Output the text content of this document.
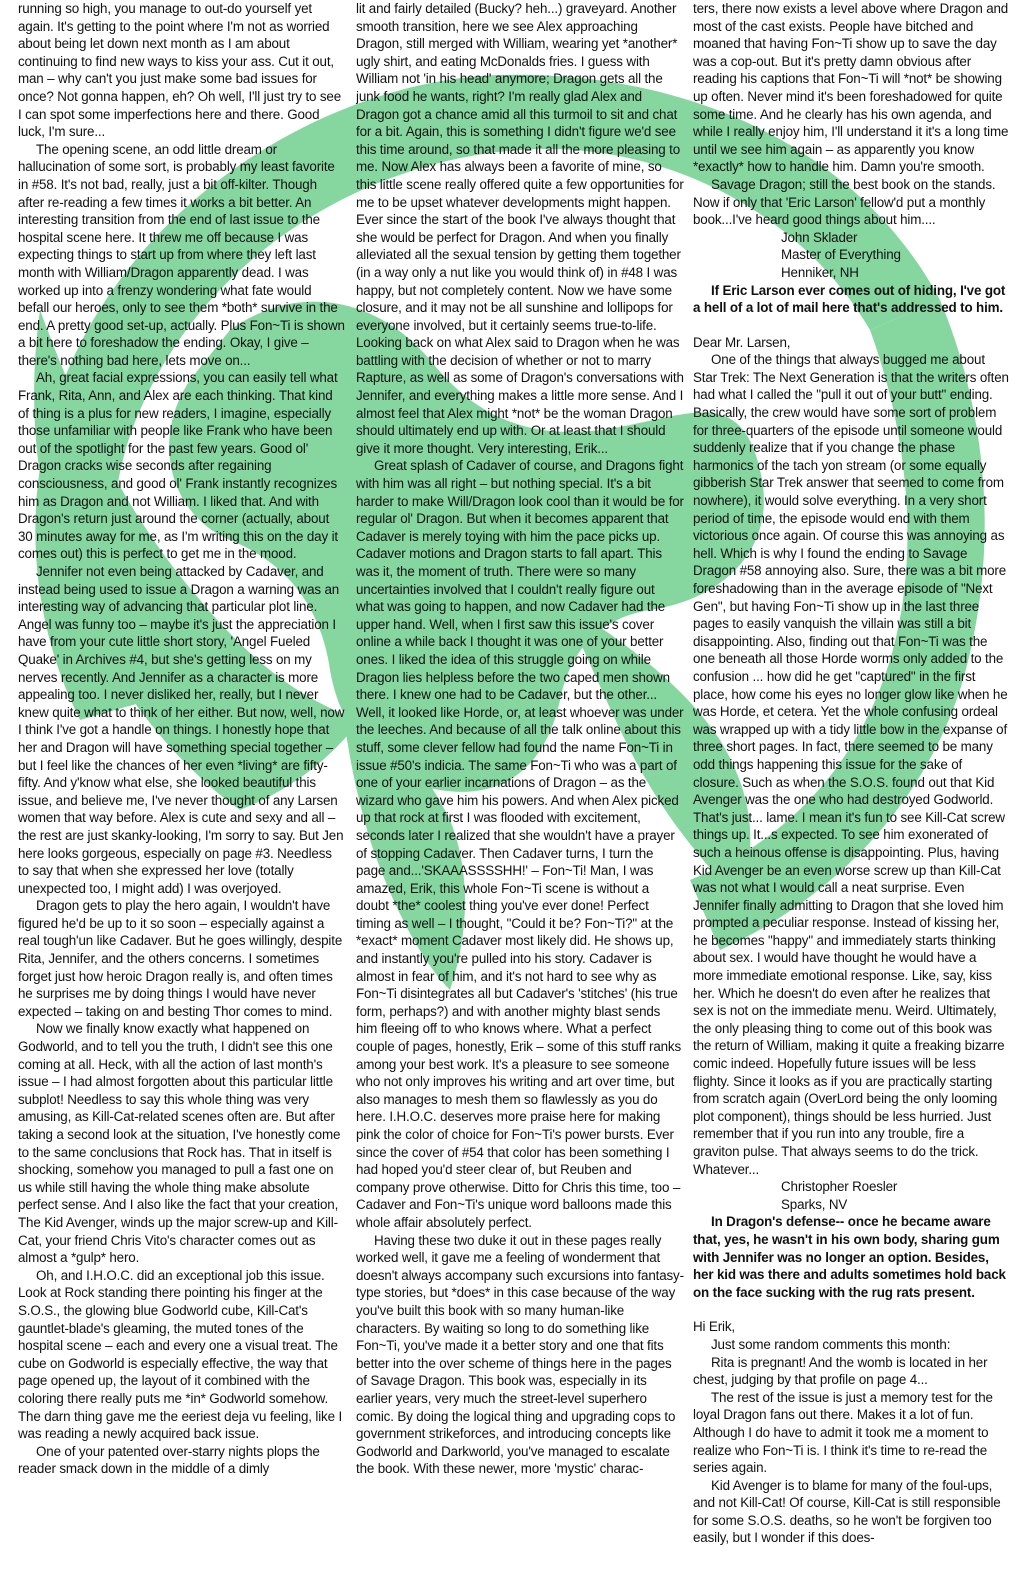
running so high, you manage to out-do yourself yet again. It's getting to the point where I'm not as worried about being let down next month as I am about continuing to find new ways to kiss your ass. Cut it out, man – why can't you just make some bad issues for once? Not gonna happen, eh? Oh well, I'll just try to see I can spot some imperfections here and there. Good luck, I'm sure...

The opening scene, an odd little dream or hallucination of some sort, is probably my least favorite in #58. It's not bad, really, just a bit off-kilter. Though after re-reading a few times it works a bit better. An interesting transition from the end of last issue to the hospital scene here. It threw me off because I was expecting things to start up from where they left last month with William/Dragon apparently dead. I was worked up into a frenzy wondering what fate would befall our heroes, only to see them *both* survive in the end. A pretty good set-up, actually. Plus Fon~Ti is shown a bit here to foreshadow the ending. Okay, I give – there's nothing bad here, lets move on...

Ah, great facial expressions, you can easily tell what Frank, Rita, Ann, and Alex are each thinking. That kind of thing is a plus for new readers, I imagine, especially those unfamiliar with people like Frank who have been out of the spotlight for the past few years. Good ol' Dragon cracks wise seconds after regaining consciousness, and good ol' Frank instantly recognizes him as Dragon and not William. I liked that. And with Dragon's return just around the corner (actually, about 30 minutes away for me, as I'm writing this on the day it comes out) this is perfect to get me in the mood.

Jennifer not even being attacked by Cadaver, and instead being used to issue a Dragon a warning was an interesting way of advancing that particular plot line. Angel was funny too – maybe it's just the appreciation I have from your cute little short story, 'Angel Fueled Quake' in Archives #4, but she's getting less on my nerves recently. And Jennifer as a character is more appealing too. I never disliked her, really, but I never knew quite what to think of her either. But now, well, now I think I've got a handle on things. I honestly hope that her and Dragon will have something special together – but I feel like the chances of her even *living* are fifty-fifty. And y'know what else, she looked beautiful this issue, and believe me, I've never thought of any Larsen women that way before. Alex is cute and sexy and all – the rest are just skanky-looking, I'm sorry to say. But Jen here looks gorgeous, especially on page #3. Needless to say that when she expressed her love (totally unexpected too, I might add) I was overjoyed.

Dragon gets to play the hero again, I wouldn't have figured he'd be up to it so soon – especially against a real tough'un like Cadaver. But he goes willingly, despite Rita, Jennifer, and the others concerns. I sometimes forget just how heroic Dragon really is, and often times he surprises me by doing things I would have never expected – taking on and besting Thor comes to mind.

Now we finally know exactly what happened on Godworld, and to tell you the truth, I didn't see this one coming at all. Heck, with all the action of last month's issue – I had almost forgotten about this particular little subplot! Needless to say this whole thing was very amusing, as Kill-Cat-related scenes often are. But after taking a second look at the situation, I've honestly come to the same conclusions that Rock has. That in itself is shocking, somehow you managed to pull a fast one on us while still having the whole thing make absolute perfect sense. And I also like the fact that your creation, The Kid Avenger, winds up the major screw-up and Kill-Cat, your friend Chris Vito's character comes out as almost a *gulp* hero.

Oh, and I.H.O.C. did an exceptional job this issue. Look at Rock standing there pointing his finger at the S.O.S., the glowing blue Godworld cube, Kill-Cat's gauntlet-blade's gleaming, the muted tones of the hospital scene – each and every one a visual treat. The cube on Godworld is especially effective, the way that page opened up, the layout of it combined with the coloring there really puts me *in* Godworld somehow. The darn thing gave me the eeriest deja vu feeling, like I was reading a newly acquired back issue.

One of your patented over-starry nights plops the reader smack down in the middle of a dimly

lit and fairly detailed (Bucky? heh...) graveyard. Another smooth transition, here we see Alex approaching Dragon, still merged with William, wearing yet *another* ugly shirt, and eating McDonalds fries. I guess with William not 'in his head' anymore; Dragon gets all the junk food he wants, right? I'm really glad Alex and Dragon got a chance amid all this turmoil to sit and chat for a bit. Again, this is something I didn't figure we'd see this time around, so that made it all the more pleasing to me. Now Alex has always been a favorite of mine, so this little scene really offered quite a few opportunities for me to be upset whatever developments might happen. Ever since the start of the book I've always thought that she would be perfect for Dragon. And when you finally alleviated all the sexual tension by getting them together (in a way only a nut like you would think of) in #48 I was happy, but not completely content. Now we have some closure, and it may not be all sunshine and lollipops for everyone involved, but it certainly seems true-to-life. Looking back on what Alex said to Dragon when he was battling with the decision of whether or not to marry Rapture, as well as some of Dragon's conversations with Jennifer, and everything makes a little more sense. And I almost feel that Alex might *not* be the woman Dragon should ultimately end up with. Or at least that I should give it more thought. Very interesting, Erik...

Great splash of Cadaver of course, and Dragons fight with him was all right – but nothing special. It's a bit harder to make Will/Dragon look cool than it would be for regular ol' Dragon. But when it becomes apparent that Cadaver is merely toying with him the pace picks up. Cadaver motions and Dragon starts to fall apart. This was it, the moment of truth. There were so many uncertainties involved that I couldn't really figure out what was going to happen, and now Cadaver had the upper hand. Well, when I first saw this issue's cover online a while back I thought it was one of your better ones. I liked the idea of this struggle going on while Dragon lies helpless before the two caped men shown there. I knew one had to be Cadaver, but the other... Well, it looked like Horde, or, at least whoever was under the leeches. And because of all the talk online about this stuff, some clever fellow had found the name Fon~Ti in issue #50's indicia. The same Fon~Ti who was a part of one of your earlier incarnations of Dragon – as the wizard who gave him his powers. And when Alex picked up that rock at first I was flooded with excitement, seconds later I realized that she wouldn't have a prayer of stopping Cadaver. Then Cadaver turns, I turn the page and...'SKAAASSSSHH!' – Fon~Ti! Man, I was amazed, Erik, this whole Fon~Ti scene is without a doubt *the* coolest thing you've ever done! Perfect timing as well – I thought, "Could it be? Fon~Ti?" at the *exact* moment Cadaver most likely did. He shows up, and instantly you're pulled into his story. Cadaver is almost in fear of him, and it's not hard to see why as Fon~Ti disintegrates all but Cadaver's 'stitches' (his true form, perhaps?) and with another mighty blast sends him fleeing off to who knows where. What a perfect couple of pages, honestly, Erik – some of this stuff ranks among your best work. It's a pleasure to see someone who not only improves his writing and art over time, but also manages to mesh them so flawlessly as you do here. I.H.O.C. deserves more praise here for making pink the color of choice for Fon~Ti's power bursts. Ever since the cover of #54 that color has been something I had hoped you'd steer clear of, but Reuben and company prove otherwise. Ditto for Chris this time, too – Cadaver and Fon~Ti's unique word balloons made this whole affair absolutely perfect.

Having these two duke it out in these pages really worked well, it gave me a feeling of wonderment that doesn't always accompany such excursions into fantasy-type stories, but *does* in this case because of the way you've built this book with so many human-like characters. By waiting so long to do something like Fon~Ti, you've made it a better story and one that fits better into the over scheme of things here in the pages of Savage Dragon. This book was, especially in its earlier years, very much the street-level superhero comic. By doing the logical thing and upgrading cops to government strikeforces, and introducing concepts like Godworld and Darkworld, you've managed to escalate the book. With these newer, more 'mystic' charac-

ters, there now exists a level above where Dragon and most of the cast exists. People have bitched and moaned that having Fon~Ti show up to save the day was a cop-out. But it's pretty damn obvious after reading his captions that Fon~Ti will *not* be showing up often. Never mind it's been foreshadowed for quite some time. And he clearly has his own agenda, and while I really enjoy him, I'll understand it it's a long time until we see him again – as apparently you know *exactly* how to handle him. Damn you're smooth.

Savage Dragon; still the best book on the stands. Now if only that 'Eric Larson' fellow'd put a monthly book...I've heard good things about him....

John Sklader

Master of Everything

Henniker, NH

If Eric Larson ever comes out of hiding, I've got a hell of a lot of mail here that's addressed to him.

Dear Mr. Larsen,

One of the things that always bugged me about Star Trek: The Next Generation is that the writers often had what I called the "pull it out of your butt" ending. Basically, the crew would have some sort of problem for three-quarters of the episode until someone would suddenly realize that if you change the phase harmonics of the tach yon stream (or some equally gibberish Star Trek answer that seemed to come from nowhere), it would solve everything. In a very short period of time, the episode would end with them victorious once again. Of course this was annoying as hell. Which is why I found the ending to Savage Dragon #58 annoying also. Sure, there was a bit more foreshadowing than in the average episode of "Next Gen", but having Fon~Ti show up in the last three pages to easily vanquish the villain was still a bit disappointing. Also, finding out that Fon~Ti was the one beneath all those Horde worms only added to the confusion ... how did he get "captured" in the first place, how come his eyes no longer glow like when he was Horde, et cetera. Yet the whole confusing ordeal was wrapped up with a tidy little bow in the expanse of three short pages. In fact, there seemed to be many odd things happening this issue for the sake of closure. Such as when the S.O.S. found out that Kid Avenger was the one who had destroyed Godworld. That's just... lame. I mean it's fun to see Kill-Cat screw things up. It...s expected. To see him exonerated of such a heinous offense is disappointing. Plus, having Kid Avenger be an even worse screw up than Kill-Cat was not what I would call a neat surprise. Even Jennifer finally admitting to Dragon that she loved him prompted a peculiar response. Instead of kissing her, he becomes "happy" and immediately starts thinking about sex. I would have thought he would have a more immediate emotional response. Like, say, kiss her. Which he doesn't do even after he realizes that sex is not on the immediate menu. Weird. Ultimately, the only pleasing thing to come out of this book was the return of William, making it quite a freaking bizarre comic indeed. Hopefully future issues will be less flighty. Since it looks as if you are practically starting from scratch again (OverLord being the only looming plot component), things should be less hurried. Just remember that if you run into any trouble, fire a graviton pulse. That always seems to do the trick. Whatever...

Christopher Roesler

Sparks, NV

In Dragon's defense-- once he became aware that, yes, he wasn't in his own body, sharing gum with Jennifer was no longer an option. Besides, her kid was there and adults sometimes hold back on the face sucking with the rug rats present.

Hi Erik,

Just some random comments this month:

Rita is pregnant! And the womb is located in her chest, judging by that profile on page 4...

The rest of the issue is just a memory test for the loyal Dragon fans out there. Makes it a lot of fun. Although I do have to admit it took me a moment to realize who Fon~Ti is. I think it's time to re-read the series again.

Kid Avenger is to blame for many of the foul-ups, and not Kill-Cat! Of course, Kill-Cat is still responsible for some S.O.S. deaths, so he won't be forgiven too easily, but I wonder if this does-
